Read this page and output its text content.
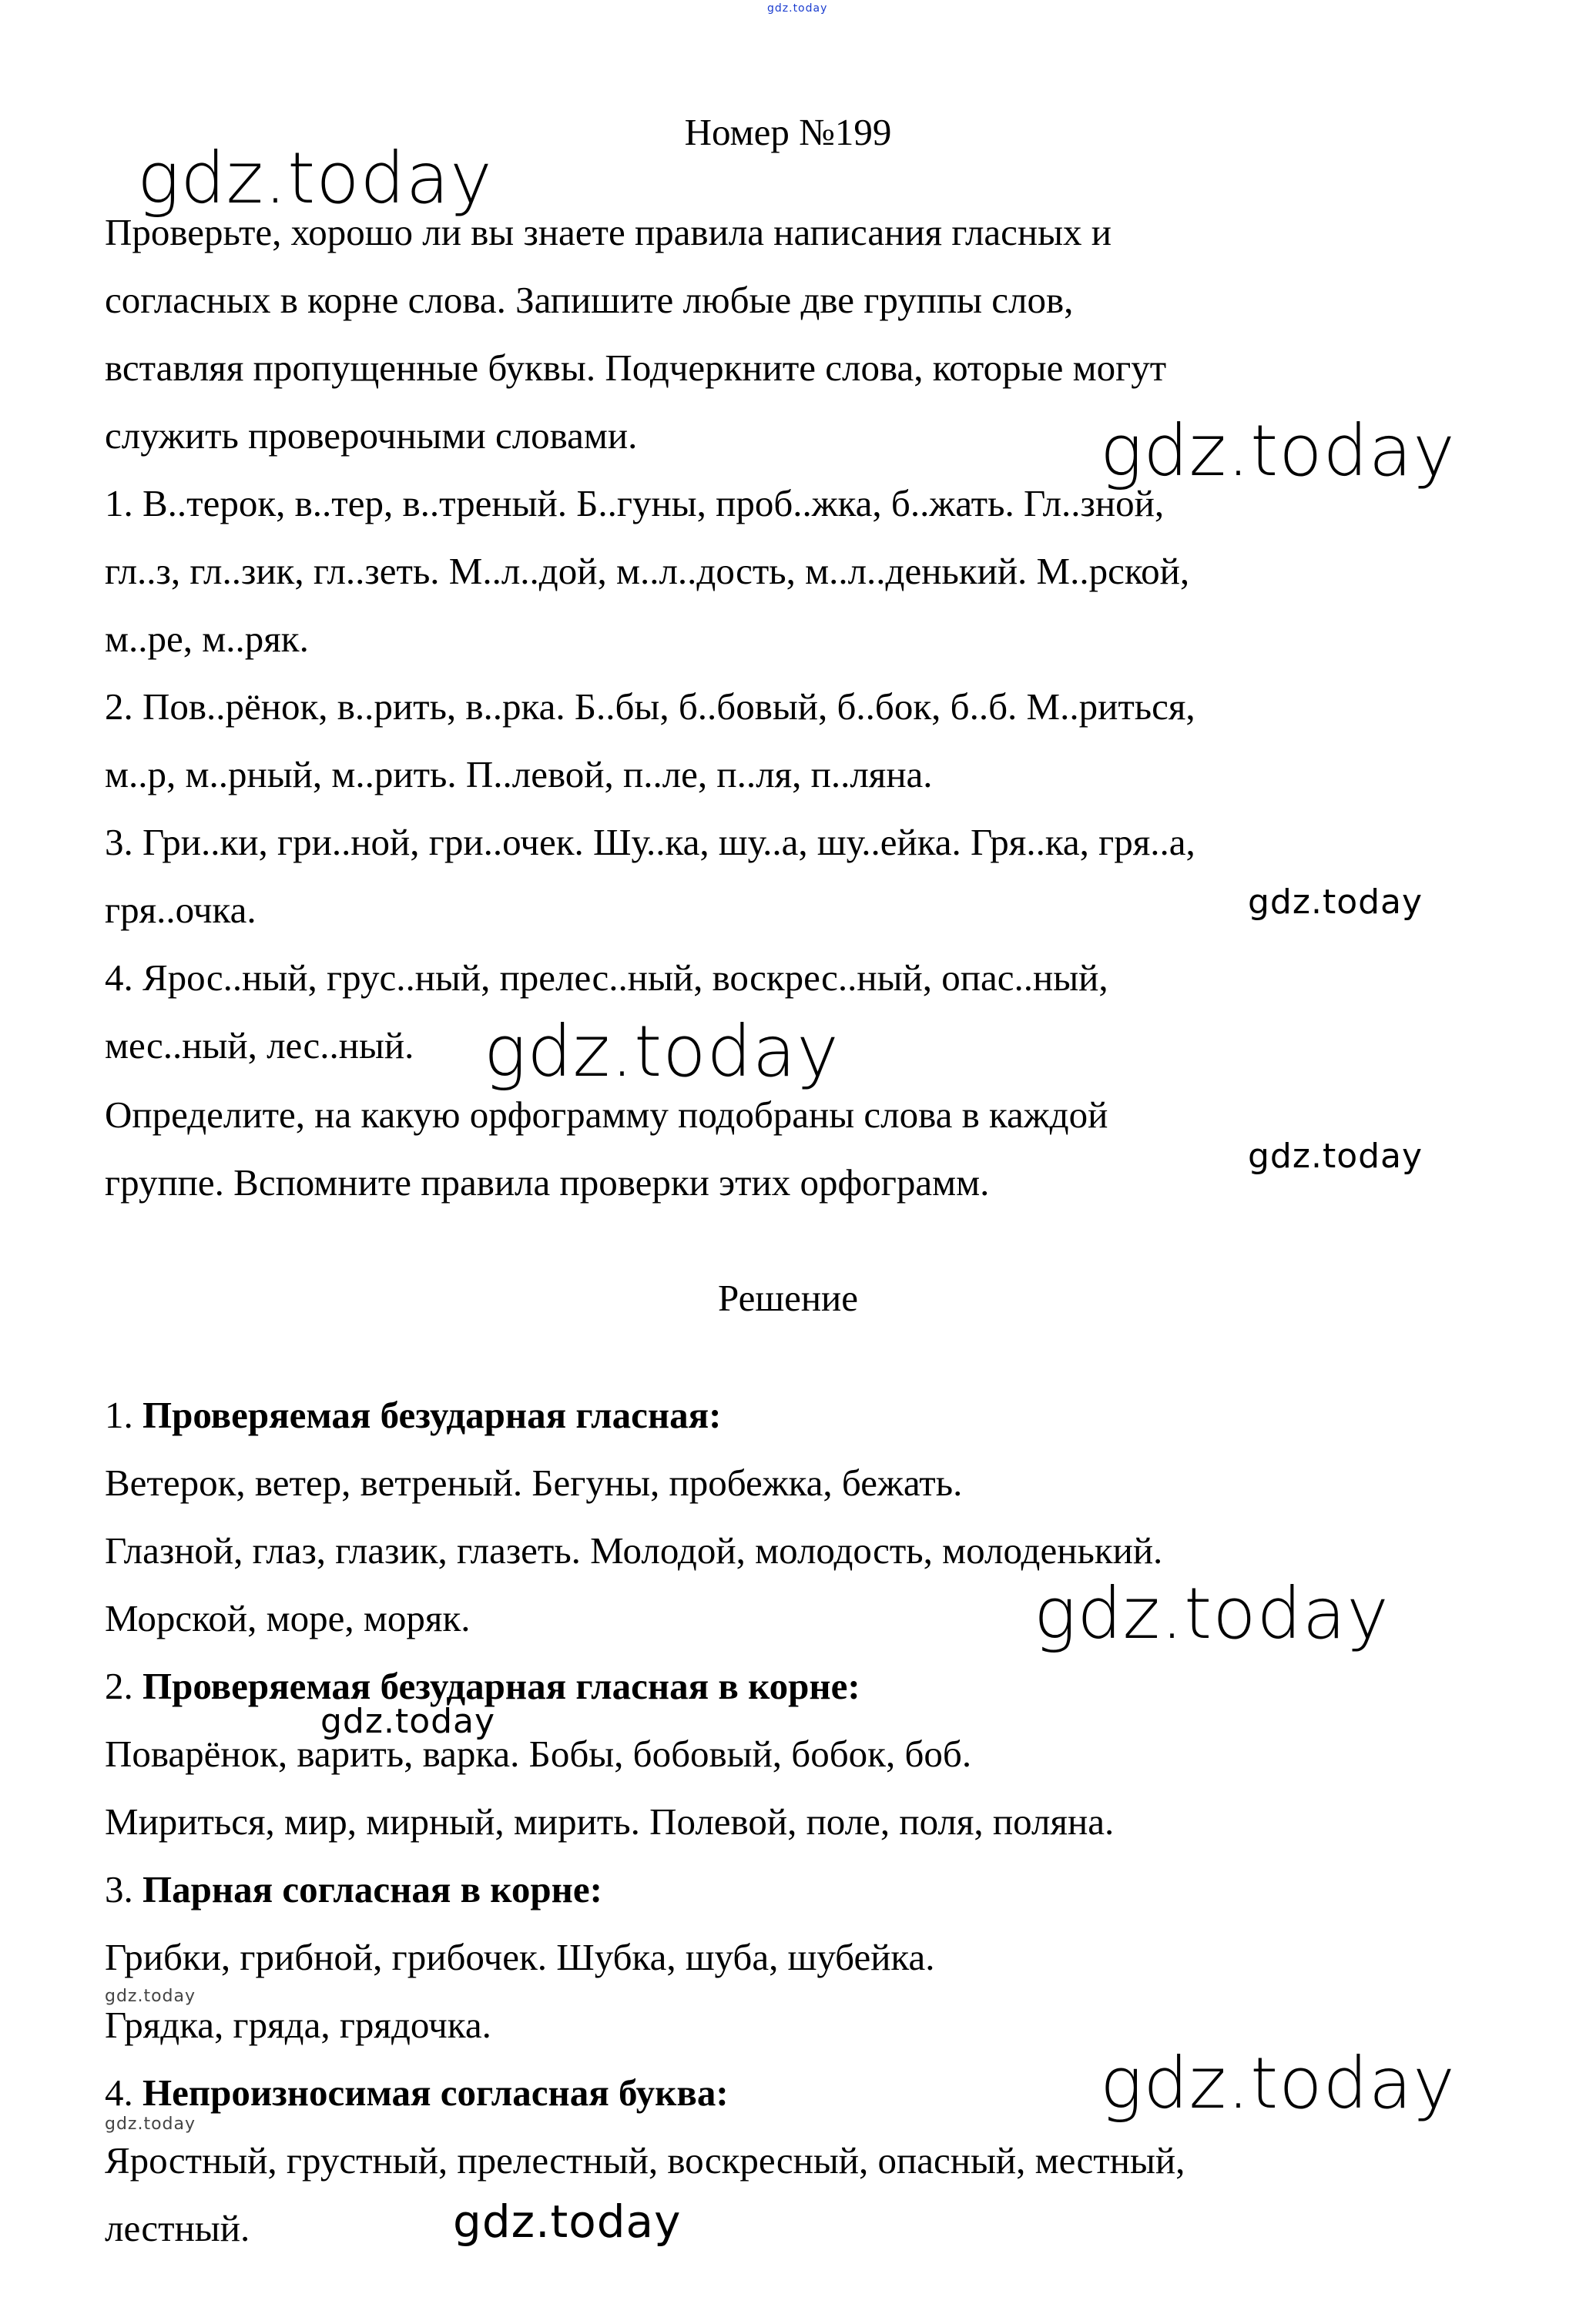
Номер №199

Проверьте, хорошо ли вы знаете правила написания гласных и

согласных в корне слова. Запишите любые две группы слов,

вставляя пропущенные буквы. Подчеркните слова, которые могут

служить проверочными словами.

1. В..терок, в..тер, в..треный. Б..гуны, проб..жка, б..жать. Гл..зной,

гл..з, гл..зик, гл..зеть. М..л..дой, м..л..дость, м..л..денький. М..рской,

м..ре, м..ряк.

2. Пов..рёнок, в..рить, в..рка. Б..бы, б..бовый, б..бок, б..б. М..риться,

м..р, м..рный, м..рить. П..левой, п..ле, п..ля, п..ляна.

3. Гри..ки, гри..ной, гри..очек. Шу..ка, шу..а, шу..ейка. Гря..ка, гря..а,

гря..очка.

4. Ярос..ный, грус..ный, прелес..ный, воскрес..ный, опас..ный,

мес..ный, лес..ный.

Определите, на какую орфограмму подобраны слова в каждой

группе. Вспомните правила проверки этих орфограмм.

Решение

1. Проверяемая безударная гласная:

Ветерок, ветер, ветреный. Бегуны, пробежка, бежать.

Глазной, глаз, глазик, глазеть. Молодой, молодость, молоденький.

Морской, море, моряк.

2. Проверяемая безударная гласная в корне:

Поварёнок, варить, варка. Бобы, бобовый, бобок, боб.

Мириться, мир, мирный, мирить. Полевой, поле, поля, поляна.

3. Парная согласная в корне:

Грибки, грибной, грибочек. Шубка, шуба, шубейка.

Грядка, гряда, грядочка.

4. Непроизносимая согласная буква:

Яростный, грустный, прелестный, воскресный, опасный, местный,

лестный.

gdz.today
gdz.today
gdz.today
gdz.today
gdz.today
gdz.today
gdz.today
gdz.today
gdz.today
gdz.today
gdz.today
gdz.today
